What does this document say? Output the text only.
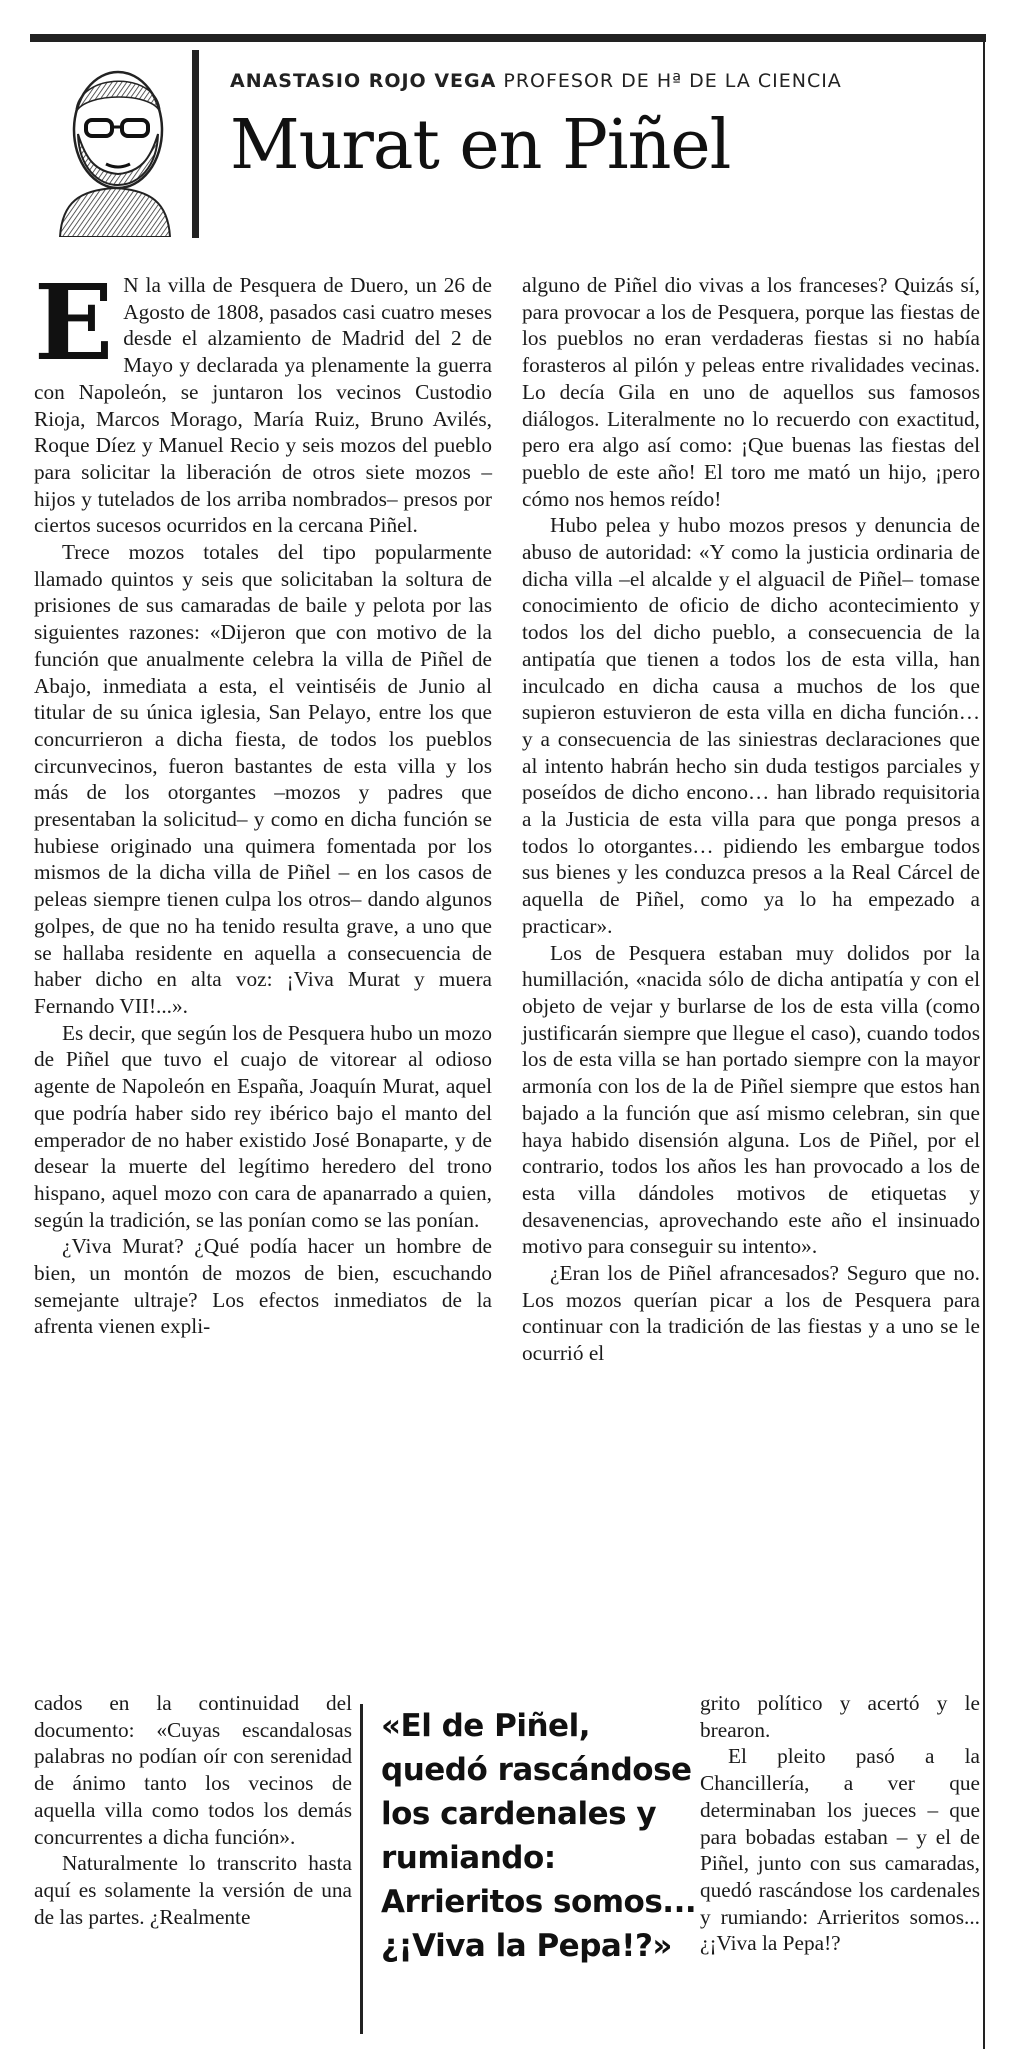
ANASTASIO ROJO VEGA PROFESOR DE Hª DE LA CIENCIA
Murat en Piñel

E N la villa de Pesquera de Duero, un 26 de Agosto de 1808, pasados casi cuatro meses desde el alzamiento de Madrid del 2 de Mayo y declarada ya plenamente la guerra con Napoleón, se juntaron los vecinos Custodio Rioja, Marcos Morago, María Ruiz, Bruno Avilés, Roque Díez y Manuel Recio y seis mozos del pueblo para solicitar la liberación de otros siete mozos – hijos y tutelados de los arriba nombrados– presos por ciertos sucesos ocurridos en la cercana Piñel.

Trece mozos totales del tipo popularmente llamado quintos y seis que solicitaban la soltura de prisiones de sus camaradas de baile y pelota por las siguientes razones: «Dijeron que con motivo de la función que anualmente celebra la villa de Piñel de Abajo, inmediata a esta, el veintiséis de Junio al titular de su única iglesia, San Pelayo, entre los que concurrieron a dicha fiesta, de todos los pueblos circunvecinos, fueron bastantes de esta villa y los más de los otorgantes –mozos y padres que presentaban la solicitud– y como en dicha función se hubiese originado una quimera fomentada por los mismos de la dicha villa de Piñel – en los casos de peleas siempre tienen culpa los otros– dando algunos golpes, de que no ha tenido resulta grave, a uno que se hallaba residente en aquella a consecuencia de haber dicho en alta voz: ¡Viva Murat y muera Fernando VII!...».

Es decir, que según los de Pesquera hubo un mozo de Piñel que tuvo el cuajo de vitorear al odioso agente de Napoleón en España, Joaquín Murat, aquel que podría haber sido rey ibérico bajo el manto del emperador de no haber existido José Bonaparte, y de desear la muerte del legítimo heredero del trono hispano, aquel mozo con cara de apanarrado a quien, según la tradición, se las ponían como se las ponían.

¿Viva Murat? ¿Qué podía hacer un hombre de bien, un montón de mozos de bien, escuchando semejante ultraje? Los efectos inmediatos de la afrenta vienen expli-

cados en la continuidad del documento: «Cuyas escandalosas palabras no podían oír con serenidad de ánimo tanto los vecinos de aquella villa como todos los demás concurrentes a dicha función».

Naturalmente lo transcrito hasta aquí es solamente la versión de una de las partes. ¿Realmente

alguno de Piñel dio vivas a los franceses? Quizás sí, para provocar a los de Pesquera, porque las fiestas de los pueblos no eran verdaderas fiestas si no había forasteros al pilón y peleas entre rivalidades vecinas. Lo decía Gila en uno de aquellos sus famosos diálogos. Literalmente no lo recuerdo con exactitud, pero era algo así como: ¡Que buenas las fiestas del pueblo de este año! El toro me mató un hijo, ¡pero cómo nos hemos reído!

Hubo pelea y hubo mozos presos y denuncia de abuso de autoridad: «Y como la justicia ordinaria de dicha villa –el alcalde y el alguacil de Piñel– tomase conocimiento de oficio de dicho acontecimiento y todos los del dicho pueblo, a consecuencia de la antipatía que tienen a todos los de esta villa, han inculcado en dicha causa a muchos de los que supieron estuvieron de esta villa en dicha función… y a consecuencia de las siniestras declaraciones que al intento habrán hecho sin duda testigos parciales y poseídos de dicho encono… han librado requisitoria a la Justicia de esta villa para que ponga presos a todos lo otorgantes… pidiendo les embargue todos sus bienes y les conduzca presos a la Real Cárcel de aquella de Piñel, como ya lo ha empezado a practicar».

Los de Pesquera estaban muy dolidos por la humillación, «nacida sólo de dicha antipatía y con el objeto de vejar y burlarse de los de esta villa (como justificarán siempre que llegue el caso), cuando todos los de esta villa se han portado siempre con la mayor armonía con los de la de Piñel siempre que estos han bajado a la función que así mismo celebran, sin que haya habido disensión alguna. Los de Piñel, por el contrario, todos los años les han provocado a los de esta villa dándoles motivos de etiquetas y desavenencias, aprovechando este año el insinuado motivo para conseguir su intento».

¿Eran los de Piñel afrancesados? Seguro que no. Los mozos querían picar a los de Pesquera para continuar con la tradición de las fiestas y a uno se le ocurrió el

grito político y acertó y le brearon.

El pleito pasó a la Chancillería, a ver que determinaban los jueces – que para bobadas estaban – y el de Piñel, junto con sus camaradas, quedó rascándose los cardenales y rumiando: Arrieritos somos... ¿¡Viva la Pepa!?

«El de Piñel, quedó rascándose los cardenales y rumiando: Arrieritos somos... ¿¡Viva la Pepa!?»
